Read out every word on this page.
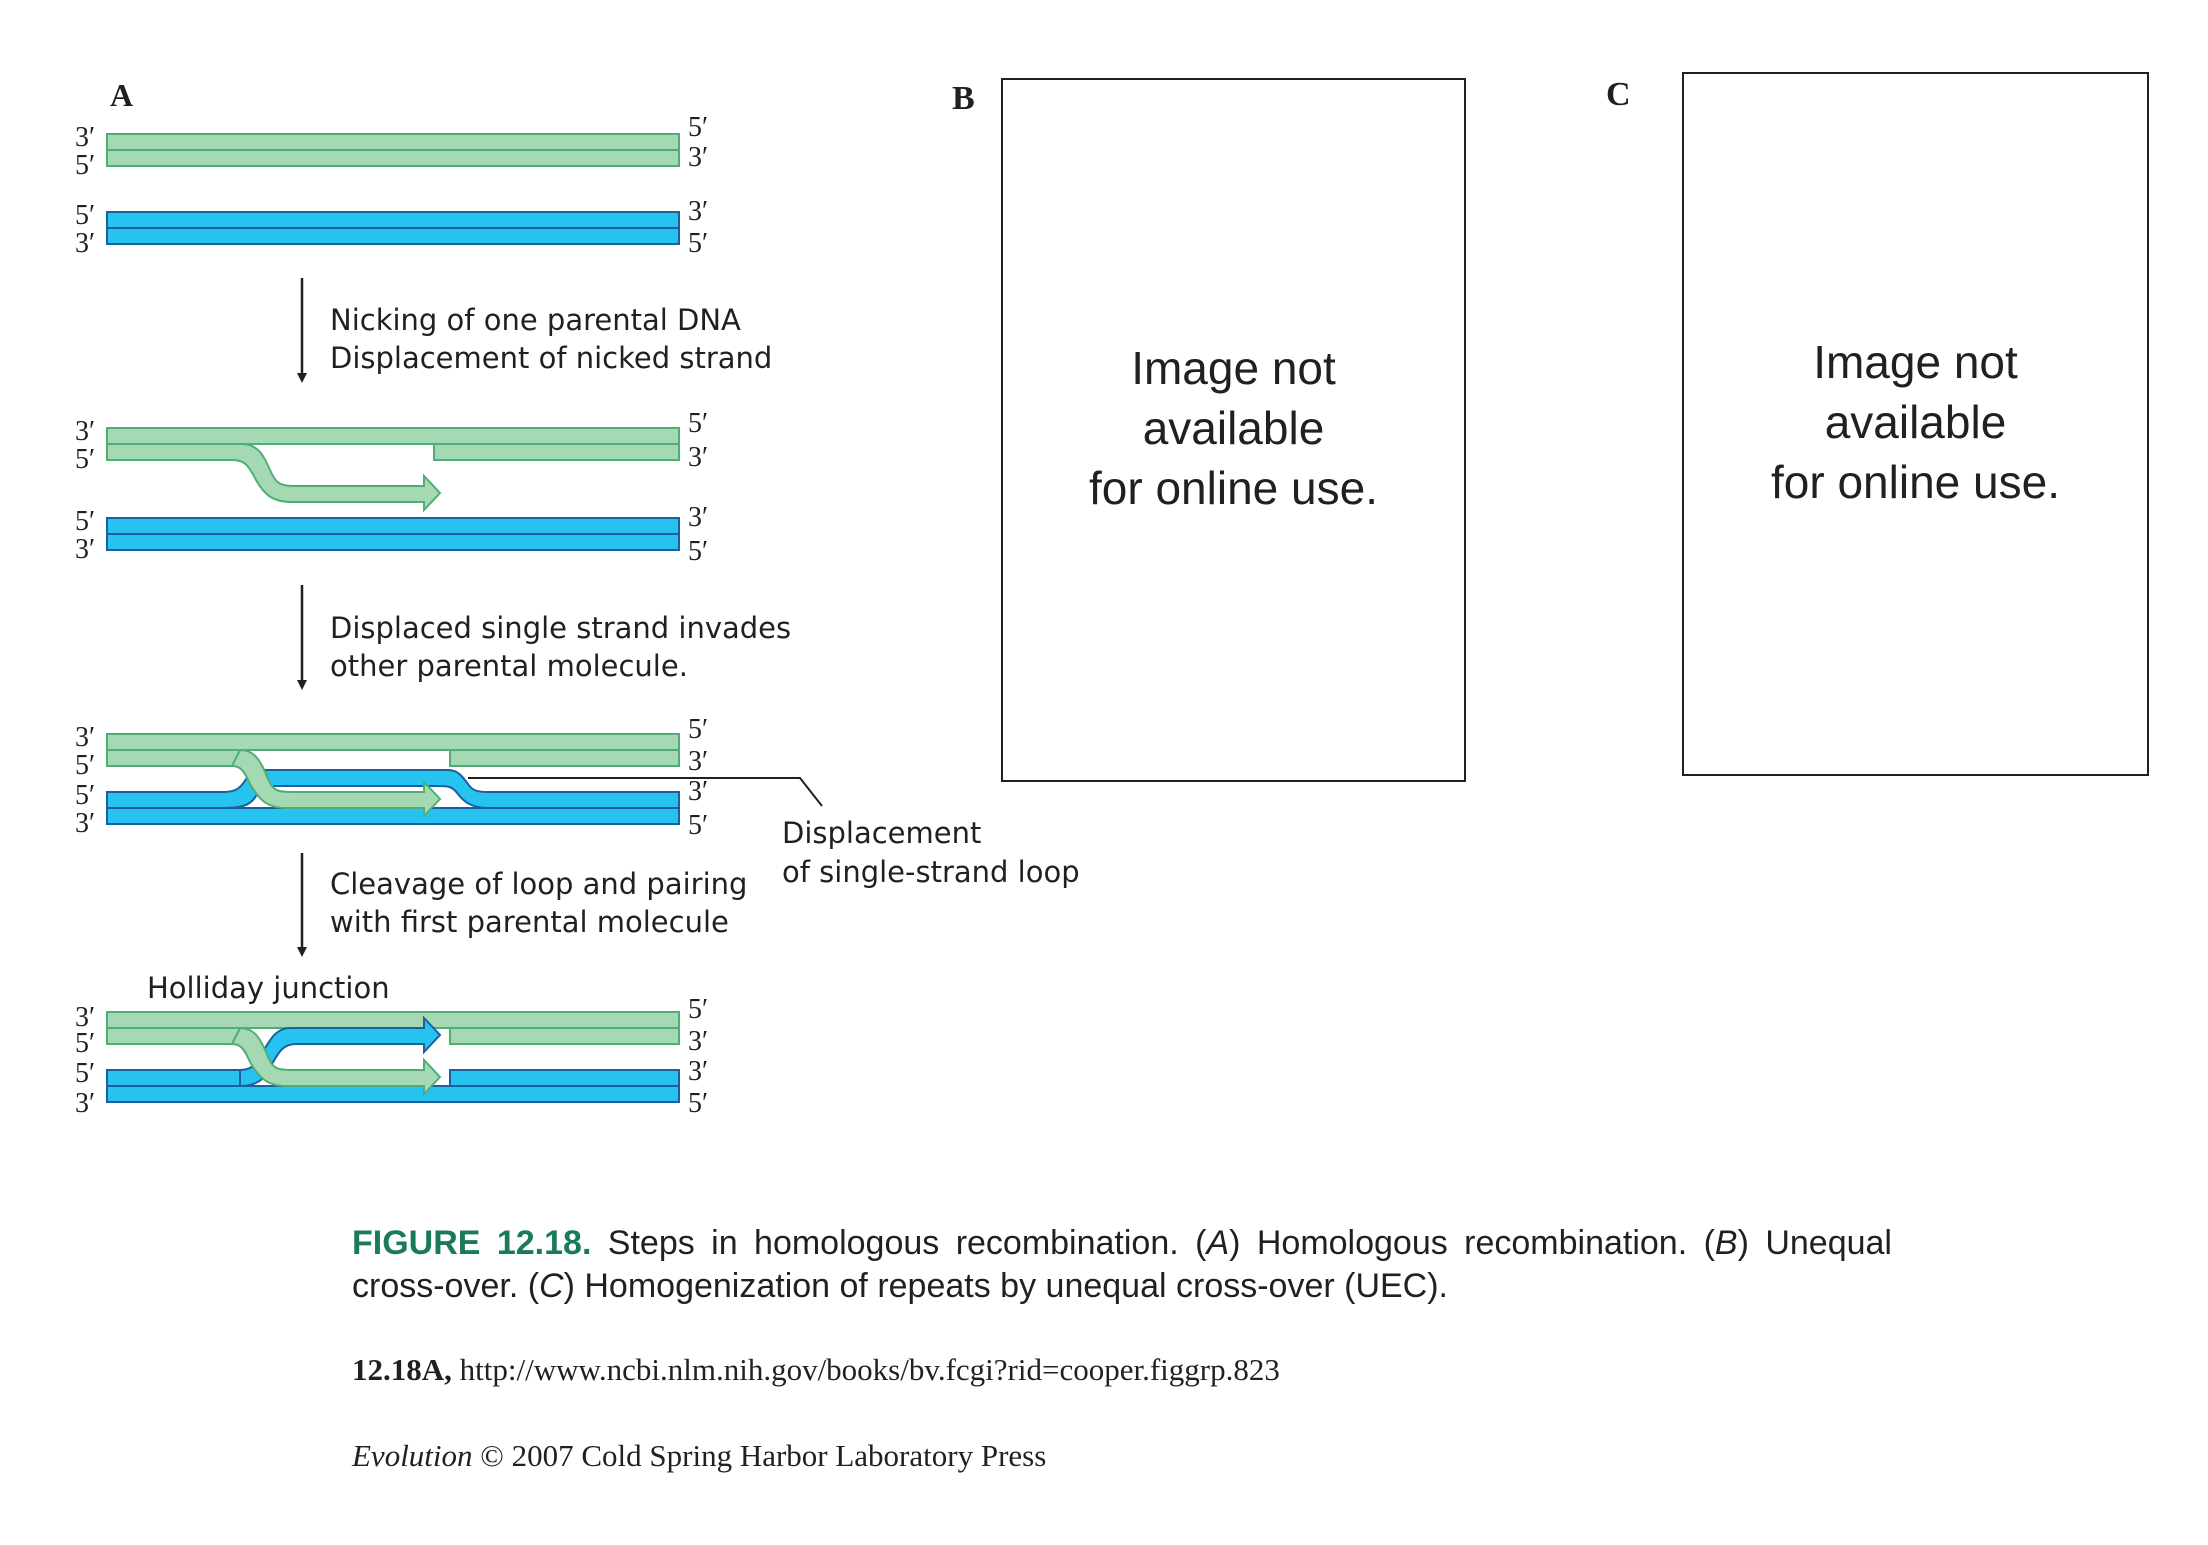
A
3′
5′
5′
3′
5′
3′
3′
5′
Nicking of one parental DNA
Displacement of nicked strand
3′
5′
5′
3′
5′
3′
3′
5′
Displaced single strand invades
other parental molecule.
3′
5′
5′
3′
5′
3′
3′
5′	Displacement
of single-strand loop
Cleavage of loop and pairing
with first parental molecule
Holliday junction
3′
5′
5′
3′
5′
3′
3′
5′
B
Image not
available
for online use.
C
Image not
available
for online use.
FIGURE 12.18. Steps in homologous recombination. (A) Homologous recombination. (B) Unequal cross-over. (C) Homogenization of repeats by unequal cross-over (UEC).
12.18A, http://www.ncbi.nlm.nih.gov/books/bv.fcgi?rid=cooper.figgrp.823
Evolution © 2007 Cold Spring Harbor Laboratory Press
